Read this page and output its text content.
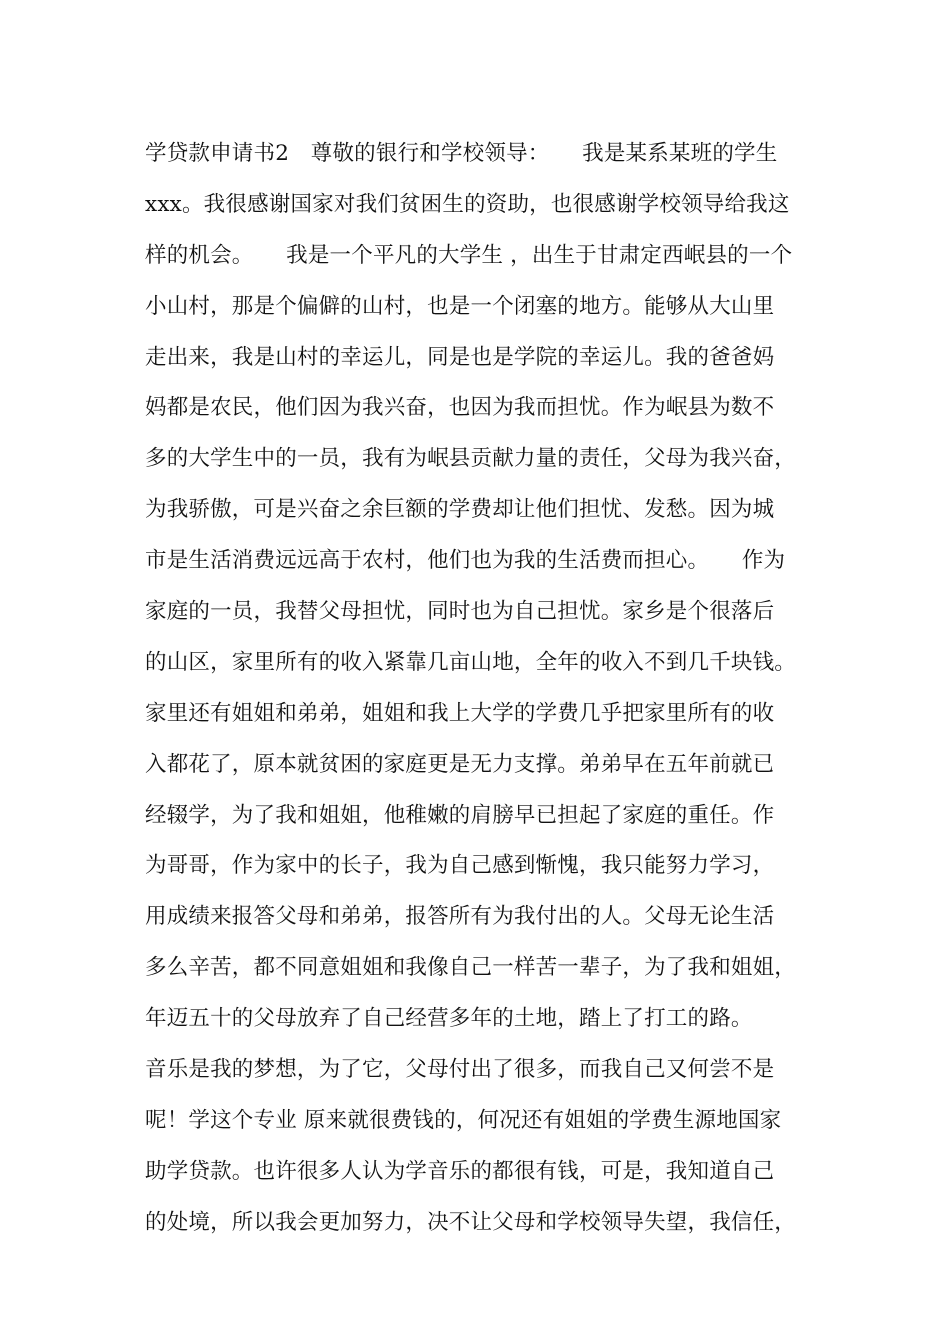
学贷款申请书2　尊敬的银行和学校领导：　　我是某系某班的学生
xxx。我很感谢国家对我们贫困生的资助，也很感谢学校领导给我这
样的机会。　　我是一个平凡的大学生 ，出生于甘肃定西岷县的一个
小山村，那是个偏僻的山村，也是一个闭塞的地方。能够从大山里
走出来，我是山村的幸运儿，同是也是学院的幸运儿。我的爸爸妈
妈都是农民，他们因为我兴奋，也因为我而担忧。作为岷县为数不
多的大学生中的一员，我有为岷县贡献力量的责任，父母为我兴奋，
为我骄傲，可是兴奋之余巨额的学费却让他们担忧、发愁。因为城
市是生活消费远远高于农村，他们也为我的生活费而担心。　　作为
家庭的一员，我替父母担忧，同时也为自己担忧。家乡是个很落后
的山区，家里所有的收入紧靠几亩山地，全年的收入不到几千块钱。
家里还有姐姐和弟弟，姐姐和我上大学的学费几乎把家里所有的收
入都花了，原本就贫困的家庭更是无力支撑。弟弟早在五年前就已
经辍学，为了我和姐姐，他稚嫩的肩膀早已担起了家庭的重任。作
为哥哥，作为家中的长子，我为自己感到惭愧，我只能努力学习，
用成绩来报答父母和弟弟，报答所有为我付出的人。父母无论生活
多么辛苦，都不同意姐姐和我像自己一样苦一辈子，为了我和姐姐，
年迈五十的父母放弃了自己经营多年的土地，踏上了打工的路。
音乐是我的梦想，为了它，父母付出了很多，而我自己又何尝不是
呢！学这个专业 原来就很费钱的，何况还有姐姐的学费生源地国家
助学贷款。也许很多人认为学音乐的都很有钱，可是，我知道自己
的处境，所以我会更加努力，决不让父母和学校领导失望，我信任，
